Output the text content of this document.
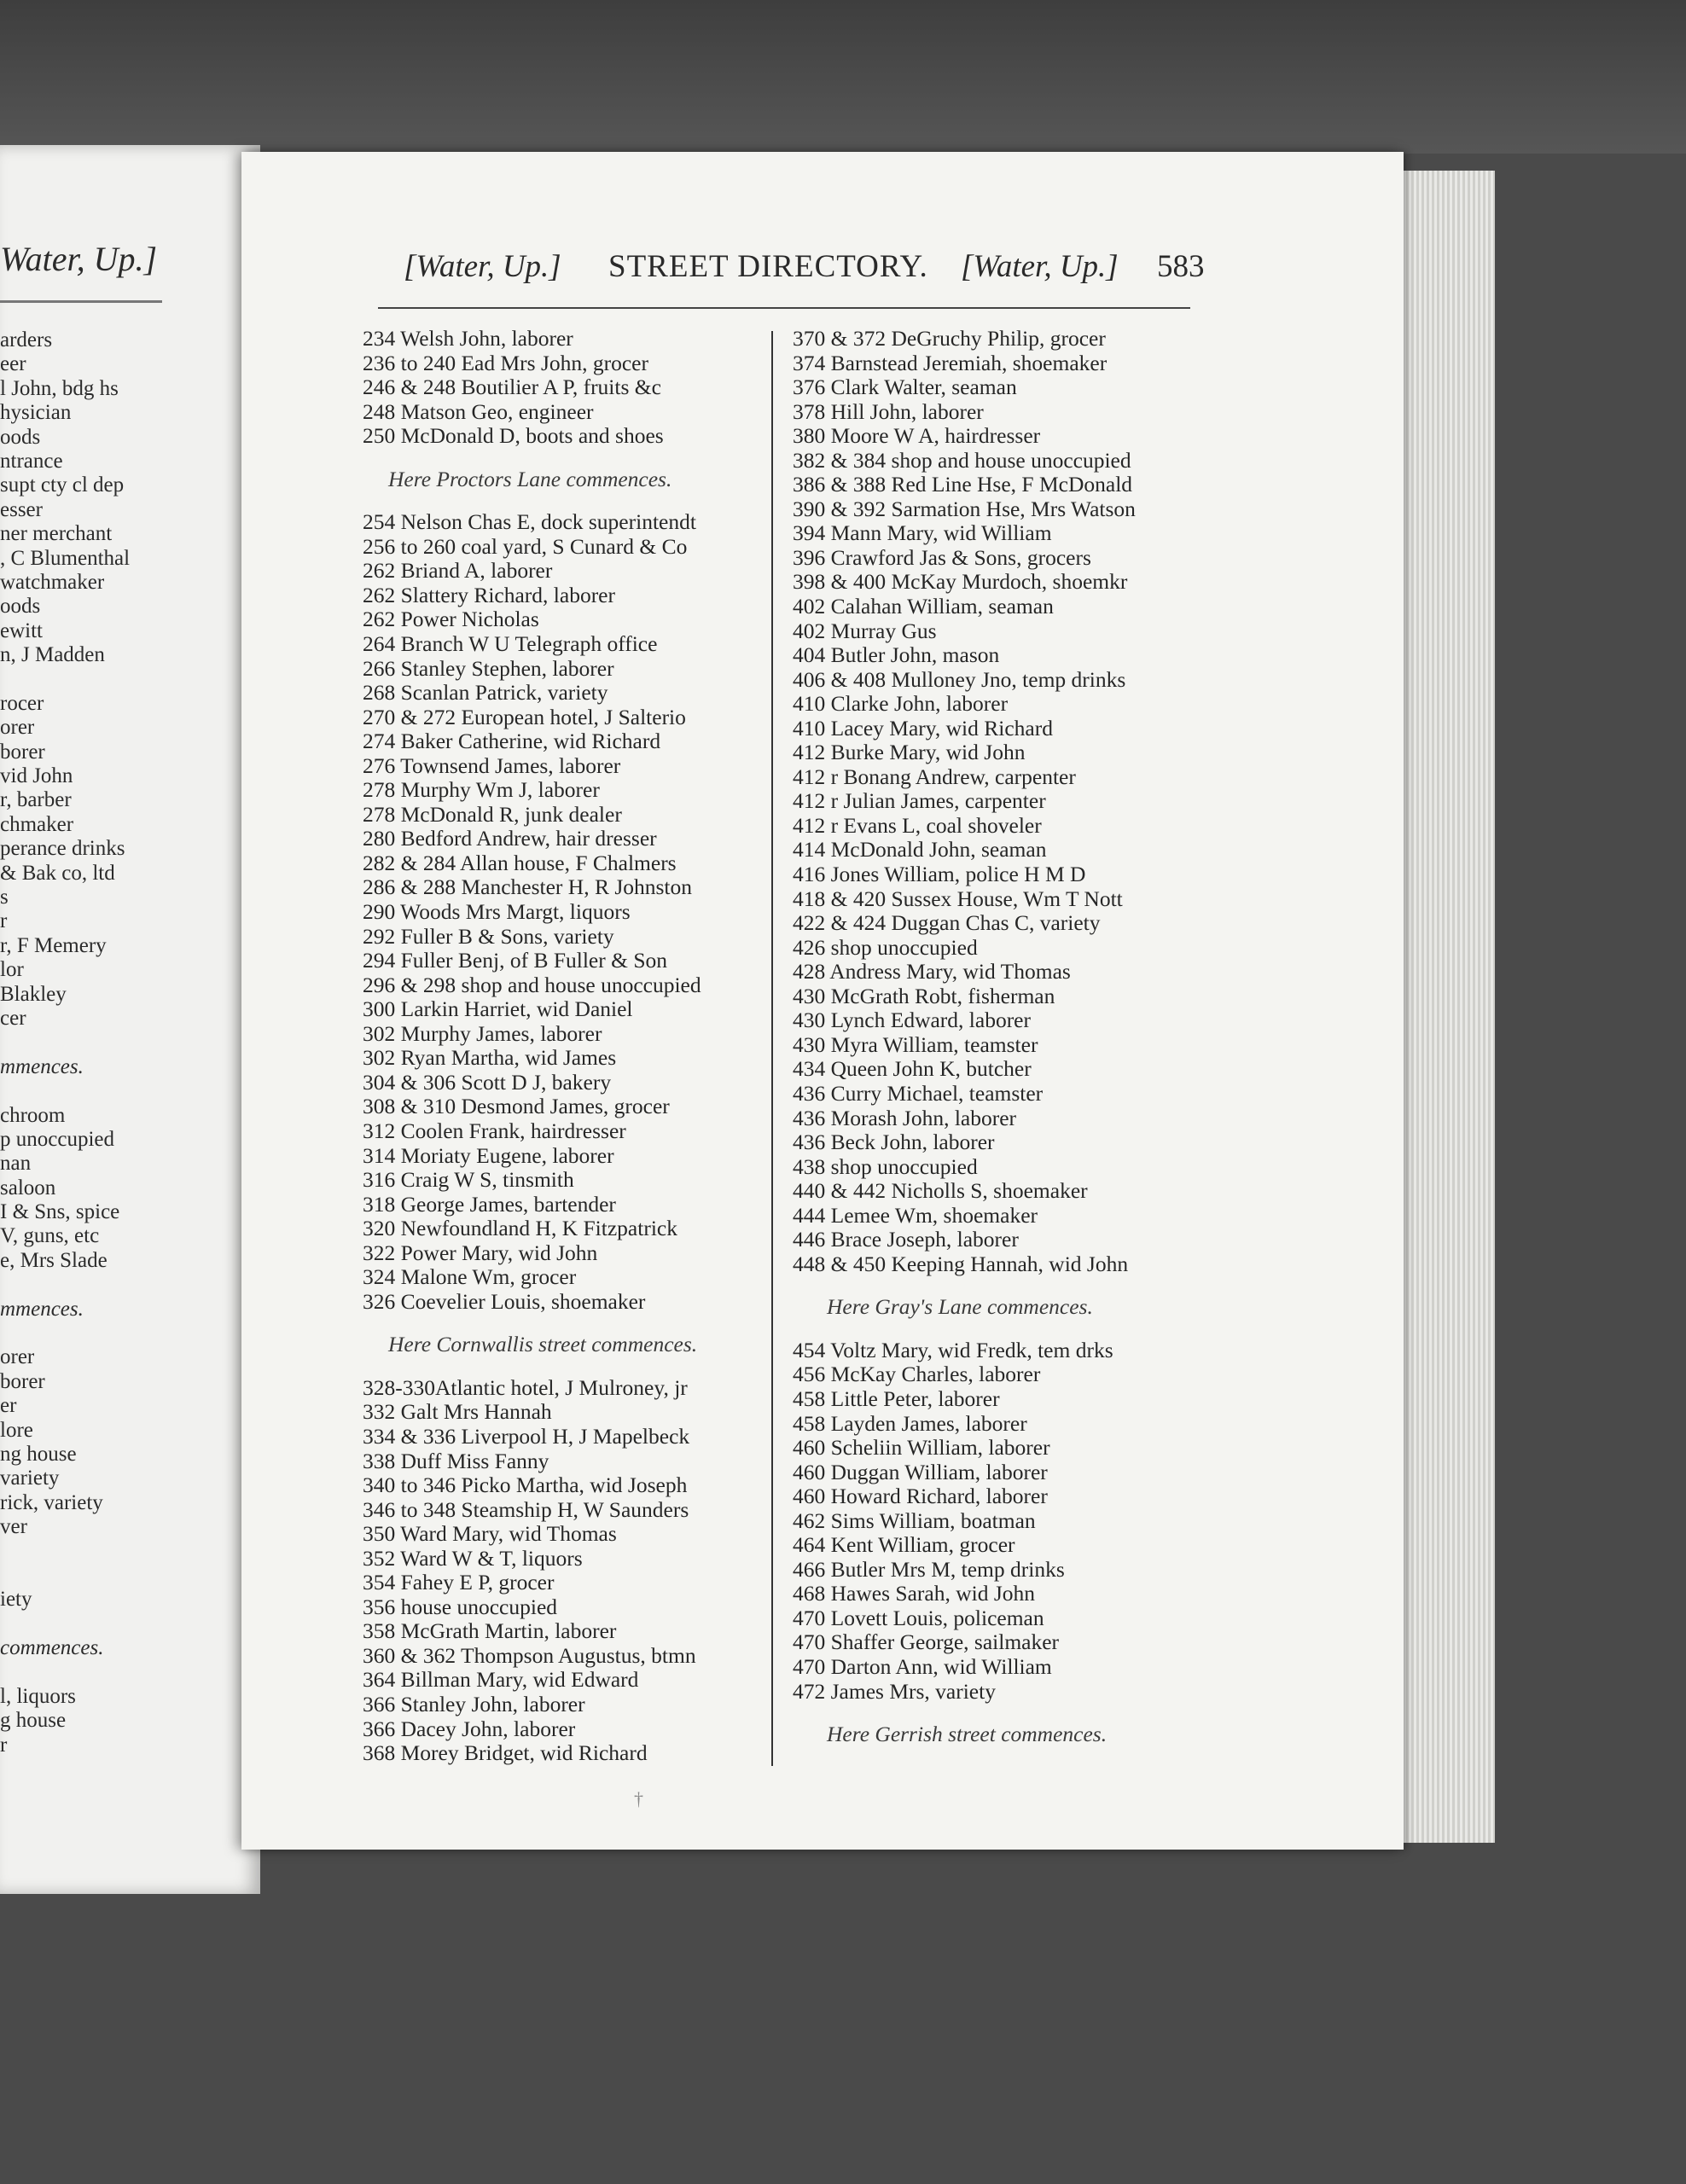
Water, Up.]
arders
eer
l John, bdg hs
hysician
oods
ntrance
supt cty cl dep
esser
ner merchant
, C Blumenthal
watchmaker
oods
ewitt
n, J Madden
rocer
orer
borer
vid John
r, barber
chmaker
perance drinks
& Bak co, ltd
s
r
r, F Memery
lor
Blakley
cer
mmences.
chroom
p unoccupied
nan
saloon
I & Sns, spice
V, guns, etc
e, Mrs Slade
mmences.
orer
borer
er
lore
ng house
variety
rick, variety
ver
iety
commences.
l, liquors
g house
r
[Water, Up.] STREET DIRECTORY. [Water, Up.] 583
234 Welsh John, laborer
236 to 240 Ead Mrs John, grocer
246 & 248 Boutilier A P, fruits &c
248 Matson Geo, engineer
250 McDonald D, boots and shoes
Here Proctors Lane commences.
254 Nelson Chas E, dock superintendt
256 to 260 coal yard, S Cunard & Co
262 Briand A, laborer
262 Slattery Richard, laborer
262 Power Nicholas
264 Branch W U Telegraph office
266 Stanley Stephen, laborer
268 Scanlan Patrick, variety
270 & 272 European hotel, J Salterio
274 Baker Catherine, wid Richard
276 Townsend James, laborer
278 Murphy Wm J, laborer
278 McDonald R, junk dealer
280 Bedford Andrew, hair dresser
282 & 284 Allan house, F Chalmers
286 & 288 Manchester H, R Johnston
290 Woods Mrs Margt, liquors
292 Fuller B & Sons, variety
294 Fuller Benj, of B Fuller & Son
296 & 298 shop and house unoccupied
300 Larkin Harriet, wid Daniel
302 Murphy James, laborer
302 Ryan Martha, wid James
304 & 306 Scott D J, bakery
308 & 310 Desmond James, grocer
312 Coolen Frank, hairdresser
314 Moriaty Eugene, laborer
316 Craig W S, tinsmith
318 George James, bartender
320 Newfoundland H, K Fitzpatrick
322 Power Mary, wid John
324 Malone Wm, grocer
326 Coevelier Louis, shoemaker
Here Cornwallis street commences.
328-330Atlantic hotel, J Mulroney, jr
332 Galt Mrs Hannah
334 & 336 Liverpool H, J Mapelbeck
338 Duff Miss Fanny
340 to 346 Picko Martha, wid Joseph
346 to 348 Steamship H, W Saunders
350 Ward Mary, wid Thomas
352 Ward W & T, liquors
354 Fahey E P, grocer
356 house unoccupied
358 McGrath Martin, laborer
360 & 362 Thompson Augustus, btmn
364 Billman Mary, wid Edward
366 Stanley John, laborer
366 Dacey John, laborer
368 Morey Bridget, wid Richard
370 & 372 DeGruchy Philip, grocer
374 Barnstead Jeremiah, shoemaker
376 Clark Walter, seaman
378 Hill John, laborer
380 Moore W A, hairdresser
382 & 384 shop and house unoccupied
386 & 388 Red Line Hse, F McDonald
390 & 392 Sarmation Hse, Mrs Watson
394 Mann Mary, wid William
396 Crawford Jas & Sons, grocers
398 & 400 McKay Murdoch, shoemkr
402 Calahan William, seaman
402 Murray Gus
404 Butler John, mason
406 & 408 Mulloney Jno, temp drinks
410 Clarke John, laborer
410 Lacey Mary, wid Richard
412 Burke Mary, wid John
412 r Bonang Andrew, carpenter
412 r Julian James, carpenter
412 r Evans L, coal shoveler
414 McDonald John, seaman
416 Jones William, police H M D
418 & 420 Sussex House, Wm T Nott
422 & 424 Duggan Chas C, variety
426 shop unoccupied
428 Andress Mary, wid Thomas
430 McGrath Robt, fisherman
430 Lynch Edward, laborer
430 Myra William, teamster
434 Queen John K, butcher
436 Curry Michael, teamster
436 Morash John, laborer
436 Beck John, laborer
438 shop unoccupied
440 & 442 Nicholls S, shoemaker
444 Lemee Wm, shoemaker
446 Brace Joseph, laborer
448 & 450 Keeping Hannah, wid John
Here Gray's Lane commences.
454 Voltz Mary, wid Fredk, tem drks
456 McKay Charles, laborer
458 Little Peter, laborer
458 Layden James, laborer
460 Scheliin William, laborer
460 Duggan William, laborer
460 Howard Richard, laborer
462 Sims William, boatman
464 Kent William, grocer
466 Butler Mrs M, temp drinks
468 Hawes Sarah, wid John
470 Lovett Louis, policeman
470 Shaffer George, sailmaker
470 Darton Ann, wid William
472 James Mrs, variety
Here Gerrish street commences.
†
